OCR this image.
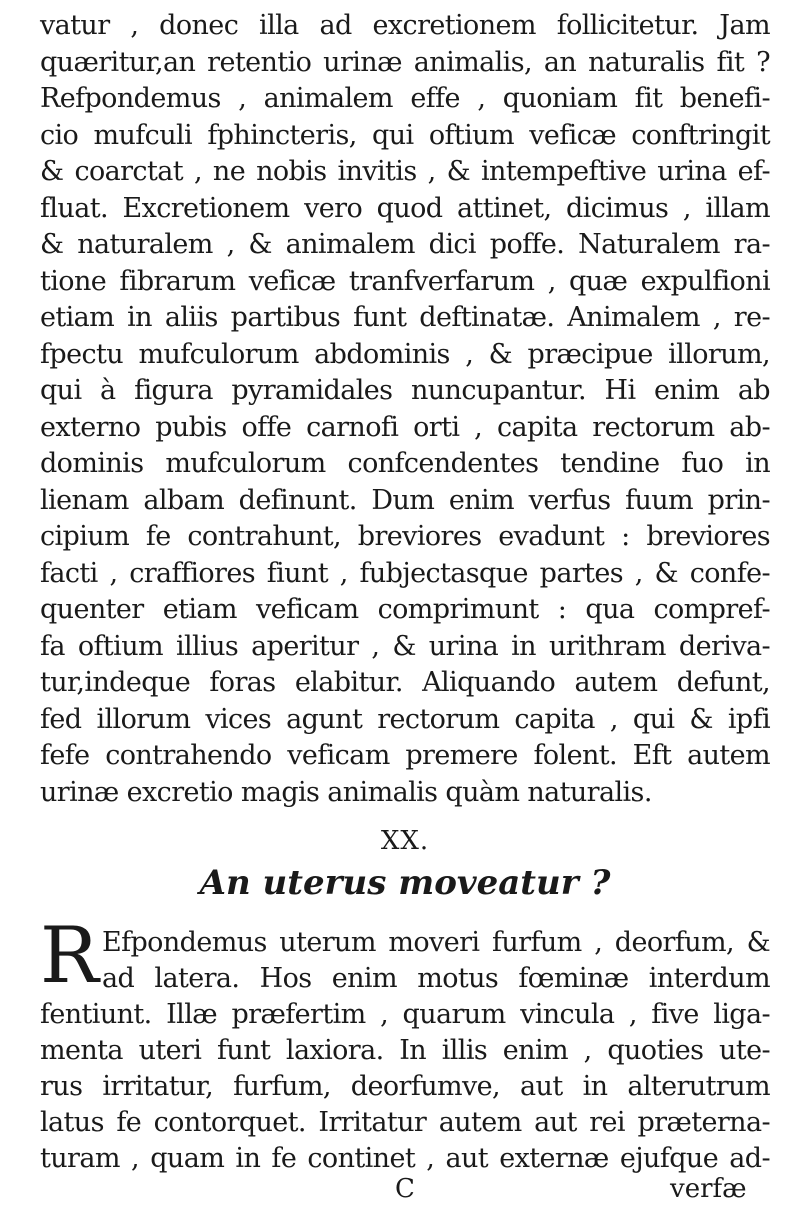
vatur , donec illa ad excretionem follicitetur. Jam
quæritur,an retentio urinæ animalis, an naturalis fit ?
Refpondemus , animalem effe , quoniam fit benefi-
cio mufculi fphincteris, qui oftium veficæ conftringit
& coarctat , ne nobis invitis , & intempeftive urina ef-
fluat. Excretionem vero quod attinet, dicimus , illam
& naturalem , & animalem dici poffe. Naturalem ra-
tione fibrarum veficæ tranfverfarum , quæ expulfioni
etiam in aliis partibus funt deftinatæ. Animalem , re-
fpectu mufculorum abdominis , & præcipue illorum,
qui à figura pyramidales nuncupantur. Hi enim ab
externo pubis offe carnofi orti , capita rectorum ab-
dominis mufculorum confcendentes tendine fuo in
lienam albam definunt. Dum enim verfus fuum prin-
cipium fe contrahunt, breviores evadunt : breviores
facti , craffiores fiunt , fubjectasque partes , & confe-
quenter etiam veficam comprimunt : qua compref-
fa oftium illius aperitur , & urina in urithram deriva-
tur,indeque foras elabitur. Aliquando autem defunt,
fed illorum vices agunt rectorum capita , qui & ipfi
fefe contrahendo veficam premere folent. Eft autem
urinæ excretio magis animalis quàm naturalis.
XX.
An uterus moveatur ?
R Efpondemus uterum moveri furfum , deorfum, &
ad latera. Hos enim motus fœminæ interdum
fentiunt. Illæ præfertim , quarum vincula , five liga-
menta uteri funt laxiora. In illis enim , quoties ute-
rus irritatur, furfum, deorfumve, aut in alterutrum
latus fe contorquet. Irritatur autem aut rei præterna-
turam , quam in fe continet , aut externæ ejufque ad-
C	verfæ
